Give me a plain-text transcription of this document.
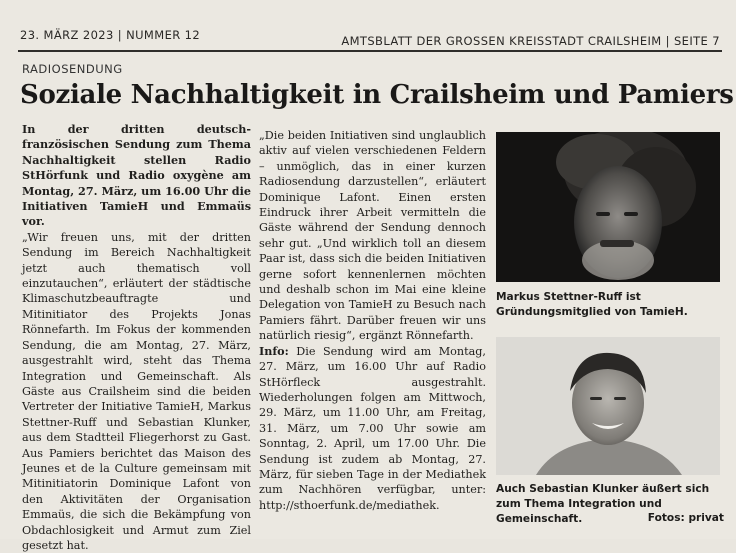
23. MÄRZ 2023 | NUMMER 12	AMTSBLATT DER GROSSEN KREISSTADT CRAILSHEIM | SEITE 7
RADIOSENDUNG
Soziale Nachhaltigkeit in Crailsheim und Pamiers

In der dritten deutsch-französischen Sendung zum Thema Nachhaltigkeit stellen Radio StHörfunk und Radio oxygène am Montag, 27. März, um 16.00 Uhr die Initiativen TamieH und Emmaüs vor.

„Wir freuen uns, mit der dritten Sendung im Bereich Nachhaltigkeit jetzt auch thematisch voll einzutauchen“, erläutert der städtische Klimaschutzbeauftragte und Mitinitiator des Projekts Jonas Rönnefarth. Im Fokus der kommenden Sendung, die am Montag, 27. März, ausgestrahlt wird, steht das Thema Integration und Gemeinschaft. Als Gäste aus Crailsheim sind die beiden Vertreter der Initiative TamieH, Markus Stettner-Ruff und Sebastian Klunker, aus dem Stadtteil Fliegerhorst zu Gast. Aus Pamiers berichtet das Maison des Jeunes et de la Culture gemeinsam mit Mitinitiatorin Dominique Lafont von den Aktivitäten der Organisation Emmaüs, die sich die Bekämpfung von Obdachlosigkeit und Armut zum Ziel gesetzt hat.

„Die beiden Initiativen sind unglaublich aktiv auf vielen verschiedenen Feldern – unmöglich, das in einer kurzen Radiosendung darzustellen“, erläutert Dominique Lafont. Einen ersten Eindruck ihrer Arbeit vermitteln die Gäste während der Sendung dennoch sehr gut. „Und wirklich toll an diesem Paar ist, dass sich die beiden Initiativen gerne sofort kennenlernen möchten und deshalb schon im Mai eine kleine Delegation von TamieH zu Besuch nach Pamiers fährt. Darüber freuen wir uns natürlich riesig“, ergänzt Rönnefarth.

Info: Die Sendung wird am Montag, 27. März, um 16.00 Uhr auf Radio StHörfleck ausgestrahlt. Wiederholungen folgen am Mittwoch, 29. März, um 11.00 Uhr, am Freitag, 31. März, um 7.00 Uhr sowie am Sonntag, 2. April, um 17.00 Uhr. Die Sendung ist zudem ab Montag, 27. März, für sieben Tage in der Mediathek zum Nachhören verfügbar, unter: http://sthoerfunk.de/mediathek.

Markus Stettner-Ruff ist Gründungsmitglied von TamieH.
Auch Sebastian Klunker äußert sich zum Thema Integration und Gemeinschaft.	Fotos: privat
